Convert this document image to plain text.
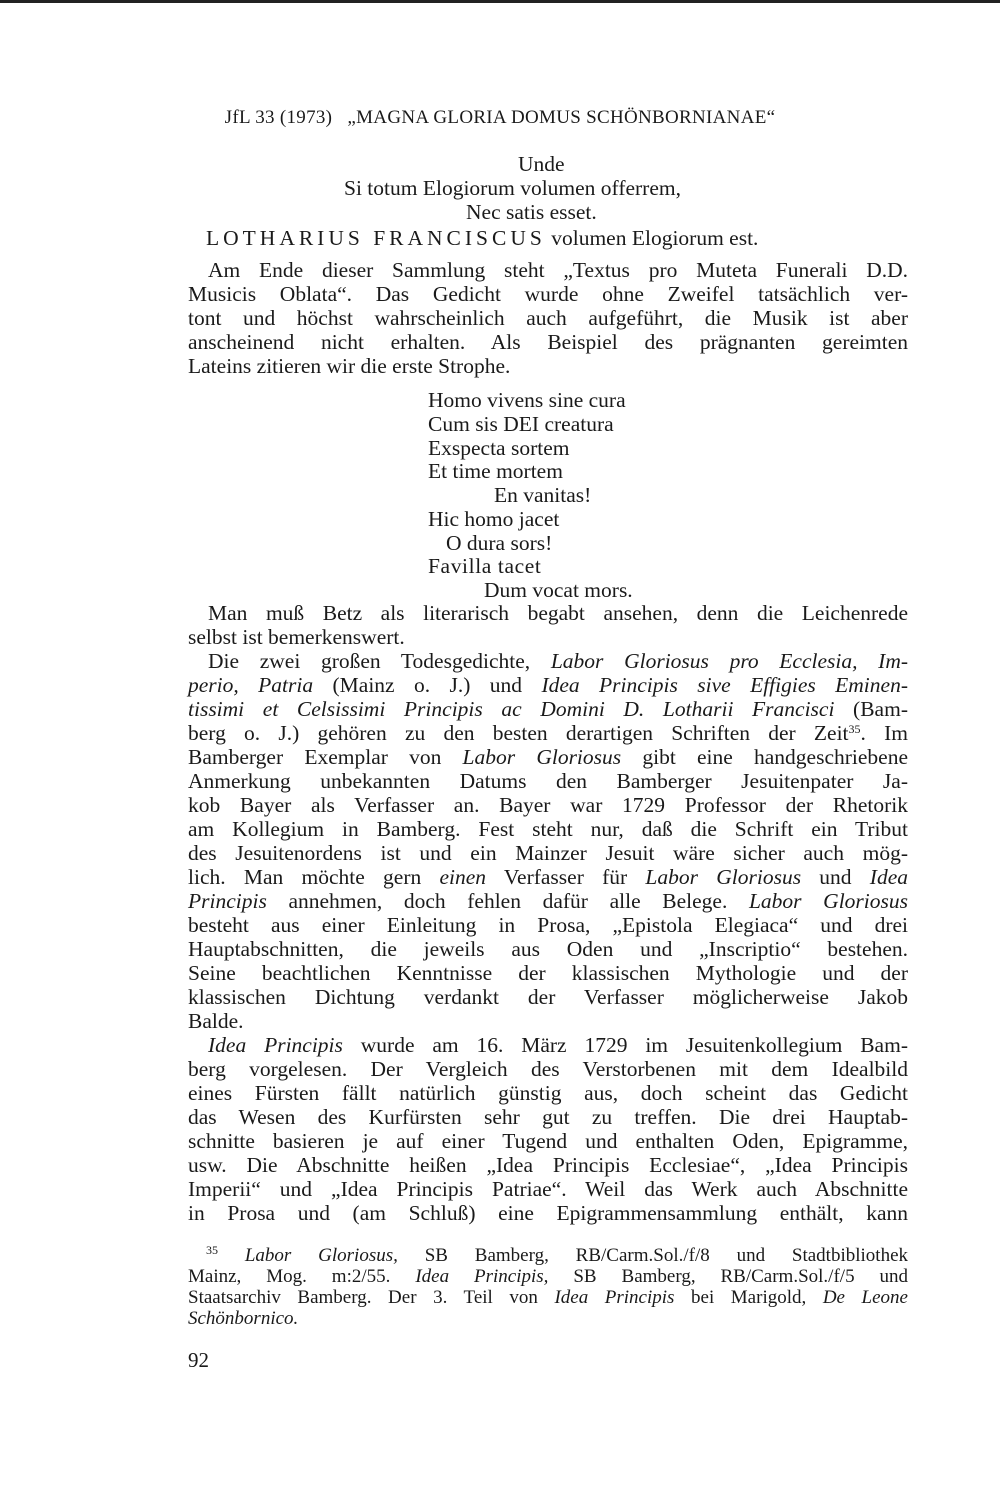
JfL 33 (1973) „MAGNA GLORIA DOMUS SCHÖNBORNIANAE“
Unde
Si totum Elogiorum volumen offerrem,
Nec satis esset.
LOTHARIUS FRANCISCUS volumen Elogiorum est.
Am Ende dieser Sammlung steht „Textus pro Muteta Funerali D.D.
Musicis Oblata“. Das Gedicht wurde ohne Zweifel tatsächlich ver-
tont und höchst wahrscheinlich auch aufgeführt, die Musik ist aber
anscheinend nicht erhalten. Als Beispiel des prägnanten gereimten
Lateins zitieren wir die erste Strophe.
Homo vivens sine cura
Cum sis DEI creatura
Exspecta sortem
Et time mortem
En vanitas!
Hic homo jacet
O dura sors!
Favilla tacet
Dum vocat mors.
Man muß Betz als literarisch begabt ansehen, denn die Leichenrede
selbst ist bemerkenswert.
Die zwei großen Todesgedichte, Labor Gloriosus pro Ecclesia, Im-
perio, Patria (Mainz o. J.) und Idea Principis sive Effigies Eminen-
tissimi et Celsissimi Principis ac Domini D. Lotharii Francisci (Bam-
berg o. J.) gehören zu den besten derartigen Schriften der Zeit$^{35}$. Im
Bamberger Exemplar von Labor Gloriosus gibt eine handgeschriebene
Anmerkung unbekannten Datums den Bamberger Jesuitenpater Ja-
kob Bayer als Verfasser an. Bayer war 1729 Professor der Rhetorik
am Kollegium in Bamberg. Fest steht nur, daß die Schrift ein Tribut
des Jesuitenordens ist und ein Mainzer Jesuit wäre sicher auch mög-
lich. Man möchte gern einen Verfasser für Labor Gloriosus und Idea
Principis annehmen, doch fehlen dafür alle Belege. Labor Gloriosus
besteht aus einer Einleitung in Prosa, „Epistola Elegiaca“ und drei
Hauptabschnitten, die jeweils aus Oden und „Inscriptio“ bestehen.
Seine beachtlichen Kenntnisse der klassischen Mythologie und der
klassischen Dichtung verdankt der Verfasser möglicherweise Jakob
Balde.
Idea Principis wurde am 16. März 1729 im Jesuitenkollegium Bam-
berg vorgelesen. Der Vergleich des Verstorbenen mit dem Idealbild
eines Fürsten fällt natürlich günstig aus, doch scheint das Gedicht
das Wesen des Kurfürsten sehr gut zu treffen. Die drei Hauptab-
schnitte basieren je auf einer Tugend und enthalten Oden, Epigramme,
usw. Die Abschnitte heißen „Idea Principis Ecclesiae“, „Idea Principis
Imperii“ und „Idea Principis Patriae“. Weil das Werk auch Abschnitte
in Prosa und (am Schluß) eine Epigrammensammlung enthält, kann
$^{35}$ Labor Gloriosus, SB Bamberg, RB/Carm.Sol./f/8 und Stadtbibliothek
Mainz, Mog. m:2/55. Idea Principis, SB Bamberg, RB/Carm.Sol./f/5 und
Staatsarchiv Bamberg. Der 3. Teil von Idea Principis bei Marigold, De Leone
Schönbornico.
92
